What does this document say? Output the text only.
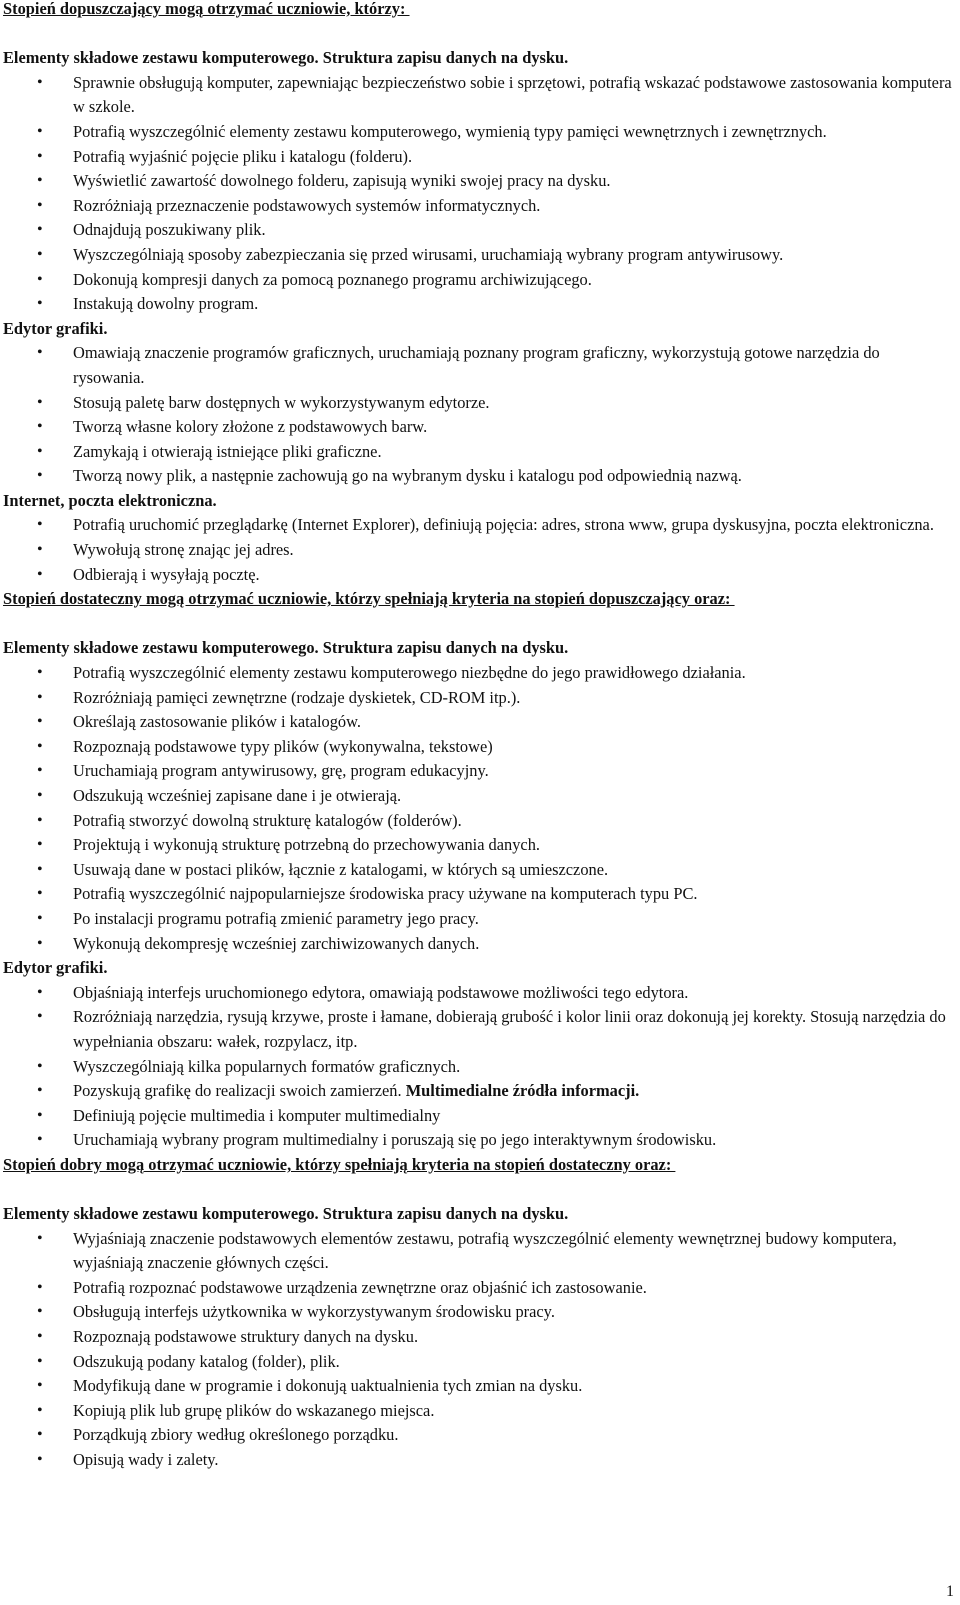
Stopień dopuszczający mogą otrzymać uczniowie, którzy:
Elementy składowe zestawu komputerowego. Struktura zapisu danych na dysku.
• Sprawnie obsługują komputer, zapewniając bezpieczeństwo sobie i sprzętowi, potrafią wskazać podstawowe zastosowania komputera w szkole.
• Potrafią wyszczególnić elementy zestawu komputerowego, wymienią typy pamięci wewnętrznych i zewnętrznych.
• Potrafią wyjaśnić pojęcie pliku i katalogu (folderu).
• Wyświetlić zawartość dowolnego folderu, zapisują wyniki swojej pracy na dysku.
• Rozróżniają przeznaczenie podstawowych systemów informatycznych.
• Odnajdują poszukiwany plik.
• Wyszczególniają sposoby zabezpieczania się przed wirusami, uruchamiają wybrany program antywirusowy.
• Dokonują kompresji danych za pomocą poznanego programu archiwizującego.
• Instakują dowolny program.
Edytor grafiki.
• Omawiają znaczenie programów graficznych, uruchamiają poznany program graficzny, wykorzystują gotowe narzędzia do rysowania.
• Stosują paletę barw dostępnych w wykorzystywanym edytorze.
• Tworzą własne kolory złożone z podstawowych barw.
• Zamykają i otwierają istniejące pliki graficzne.
• Tworzą nowy plik, a następnie zachowują go na wybranym dysku i katalogu pod odpowiednią nazwą.
Internet, poczta elektroniczna.
• Potrafią uruchomić przeglądarkę (Internet Explorer), definiują pojęcia: adres, strona www, grupa dyskusyjna, poczta elektroniczna.
• Wywołują stronę znając jej adres.
• Odbierają i wysyłają pocztę.
Stopień dostateczny mogą otrzymać uczniowie, którzy spełniają kryteria na stopień dopuszczający oraz:
Elementy składowe zestawu komputerowego. Struktura zapisu danych na dysku.
• Potrafią wyszczególnić elementy zestawu komputerowego niezbędne do jego prawidłowego działania.
• Rozróżniają pamięci zewnętrzne (rodzaje dyskietek, CD-ROM itp.).
• Określają zastosowanie plików i katalogów.
• Rozpoznają podstawowe typy plików (wykonywalna, tekstowe)
• Uruchamiają program antywirusowy, grę, program edukacyjny.
• Odszukują wcześniej zapisane dane i je otwierają.
• Potrafią stworzyć dowolną strukturę katalogów (folderów).
• Projektują i wykonują strukturę potrzebną do przechowywania danych.
• Usuwają dane w postaci plików, łącznie z katalogami, w których są umieszczone.
• Potrafią wyszczególnić najpopularniejsze środowiska pracy używane na komputerach typu PC.
• Po instalacji programu potrafią zmienić parametry jego pracy.
• Wykonują dekompresję wcześniej zarchiwizowanych danych.
Edytor grafiki.
• Objaśniają interfejs uruchomionego edytora, omawiają podstawowe możliwości tego edytora.
• Rozróżniają narzędzia, rysują krzywe, proste i łamane, dobierają grubość i kolor linii oraz dokonują jej korekty. Stosują narzędzia do wypełniania obszaru: wałek, rozpylacz, itp.
• Wyszczególniają kilka popularnych formatów graficznych.
• Pozyskują grafikę do realizacji swoich zamierzeń. Multimedialne źródła informacji.
• Definiują pojęcie multimedia i komputer multimedialny
• Uruchamiają wybrany program multimedialny i poruszają się po jego interaktywnym środowisku.
Stopień dobry mogą otrzymać uczniowie, którzy spełniają kryteria na stopień dostateczny oraz:
Elementy składowe zestawu komputerowego. Struktura zapisu danych na dysku.
• Wyjaśniają znaczenie podstawowych elementów zestawu, potrafią wyszczególnić elementy wewnętrznej budowy komputera, wyjaśniają znaczenie głównych części.
• Potrafią rozpoznać podstawowe urządzenia zewnętrzne oraz objaśnić ich zastosowanie.
• Obsługują interfejs użytkownika w wykorzystywanym środowisku pracy.
• Rozpoznają podstawowe struktury danych na dysku.
• Odszukują podany katalog (folder), plik.
• Modyfikują dane w programie i dokonują uaktualnienia tych zmian na dysku.
• Kopiują plik lub grupę plików do wskazanego miejsca.
• Porządkują zbiory według określonego porządku.
• Opisują wady i zalety.
1
